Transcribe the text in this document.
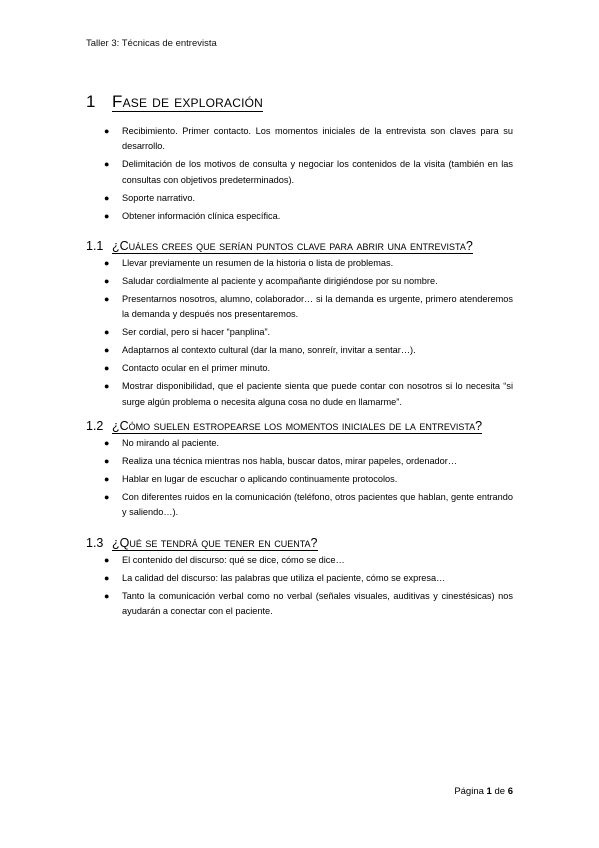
Taller 3: Técnicas de entrevista
1 Fase de exploración
● Recibimiento. Primer contacto. Los momentos iniciales de la entrevista son claves para su desarrollo.
● Delimitación de los motivos de consulta y negociar los contenidos de la visita (también en las consultas con objetivos predeterminados).
● Soporte narrativo.
● Obtener información clínica específica.
1.1 ¿Cuáles crees que serían puntos clave para abrir una entrevista?
● Llevar previamente un resumen de la historia o lista de problemas.
● Saludar cordialmente al paciente y acompañante dirigiéndose por su nombre.
● Presentarnos nosotros, alumno, colaborador… si la demanda es urgente, primero atenderemos la demanda y después nos presentaremos.
● Ser cordial, pero si hacer “panplina”.
● Adaptarnos al contexto cultural (dar la mano, sonreír, invitar a sentar…).
● Contacto ocular en el primer minuto.
● Mostrar disponibilidad, que el paciente sienta que puede contar con nosotros si lo necesita “si surge algún problema o necesita alguna cosa no dude en llamarme”.
1.2 ¿Cómo suelen estropearse los momentos iniciales de la entrevista?
● No mirando al paciente.
● Realiza una técnica mientras nos habla, buscar datos, mirar papeles, ordenador…
● Hablar en lugar de escuchar o aplicando continuamente protocolos.
● Con diferentes ruidos en la comunicación (teléfono, otros pacientes que hablan, gente entrando y saliendo…).
1.3 ¿Qué se tendrá que tener en cuenta?
● El contenido del discurso: qué se dice, cómo se dice…
● La calidad del discurso: las palabras que utiliza el paciente, cómo se expresa…
● Tanto la comunicación verbal como no verbal (señales visuales, auditivas y cinestésicas) nos ayudarán a conectar con el paciente.
Página 1 de 6
